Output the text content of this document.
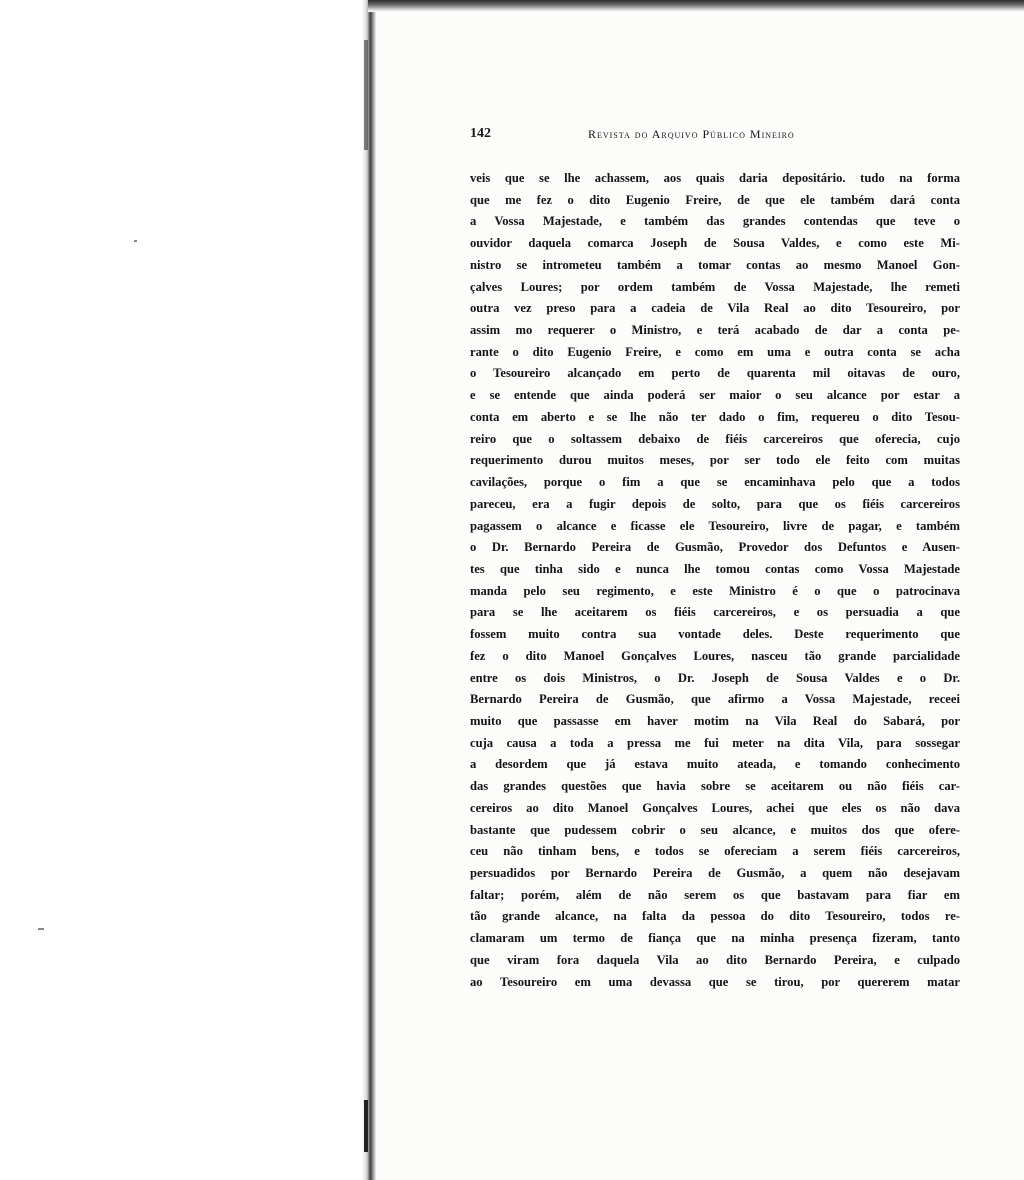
142	Revista do Arquivo Público Mineiro
veis que se lhe achassem, aos quais daria depositário. tudo na forma
que me fez o dito Eugenio Freire, de que ele também dará conta
a Vossa Majestade, e também das grandes contendas que teve o
ouvidor daquela comarca Joseph de Sousa Valdes, e como este Mi-
nistro se intrometeu também a tomar contas ao mesmo Manoel Gon-
çalves Loures; por ordem também de Vossa Majestade, lhe remeti
outra vez preso para a cadeia de Vila Real ao dito Tesoureiro, por
assim mo requerer o Ministro, e terá acabado de dar a conta pe-
rante o dito Eugenio Freire, e como em uma e outra conta se acha
o Tesoureiro alcançado em perto de quarenta mil oitavas de ouro,
e se entende que ainda poderá ser maior o seu alcance por estar a
conta em aberto e se lhe não ter dado o fim, requereu o dito Tesou-
reiro que o soltassem debaixo de fiéis carcereiros que oferecia, cujo
requerimento durou muitos meses, por ser todo ele feito com muitas
cavilações, porque o fim a que se encaminhava pelo que a todos
pareceu, era a fugir depois de solto, para que os fiéis carcereiros
pagassem o alcance e ficasse ele Tesoureiro, livre de pagar, e também
o Dr. Bernardo Pereira de Gusmão, Provedor dos Defuntos e Ausen-
tes que tinha sido e nunca lhe tomou contas como Vossa Majestade
manda pelo seu regimento, e este Ministro é o que o patrocinava
para se lhe aceitarem os fiéis carcereiros, e os persuadia a que
fossem muito contra sua vontade deles. Deste requerimento que
fez o dito Manoel Gonçalves Loures, nasceu tão grande parcialidade
entre os dois Ministros, o Dr. Joseph de Sousa Valdes e o Dr.
Bernardo Pereira de Gusmão, que afirmo a Vossa Majestade, receei
muito que passasse em haver motim na Vila Real do Sabará, por
cuja causa a toda a pressa me fui meter na dita Vila, para sossegar
a desordem que já estava muito ateada, e tomando conhecimento
das grandes questões que havia sobre se aceitarem ou não fiéis car-
cereiros ao dito Manoel Gonçalves Loures, achei que eles os não dava
bastante que pudessem cobrir o seu alcance, e muitos dos que ofere-
ceu não tinham bens, e todos se ofereciam a serem fiéis carcereiros,
persuadidos por Bernardo Pereira de Gusmão, a quem não desejavam
faltar; porém, além de não serem os que bastavam para fiar em
tão grande alcance, na falta da pessoa do dito Tesoureiro, todos re-
clamaram um termo de fiança que na minha presença fizeram, tanto
que viram fora daquela Vila ao dito Bernardo Pereira, e culpado
ao Tesoureiro em uma devassa que se tirou, por quererem matar
